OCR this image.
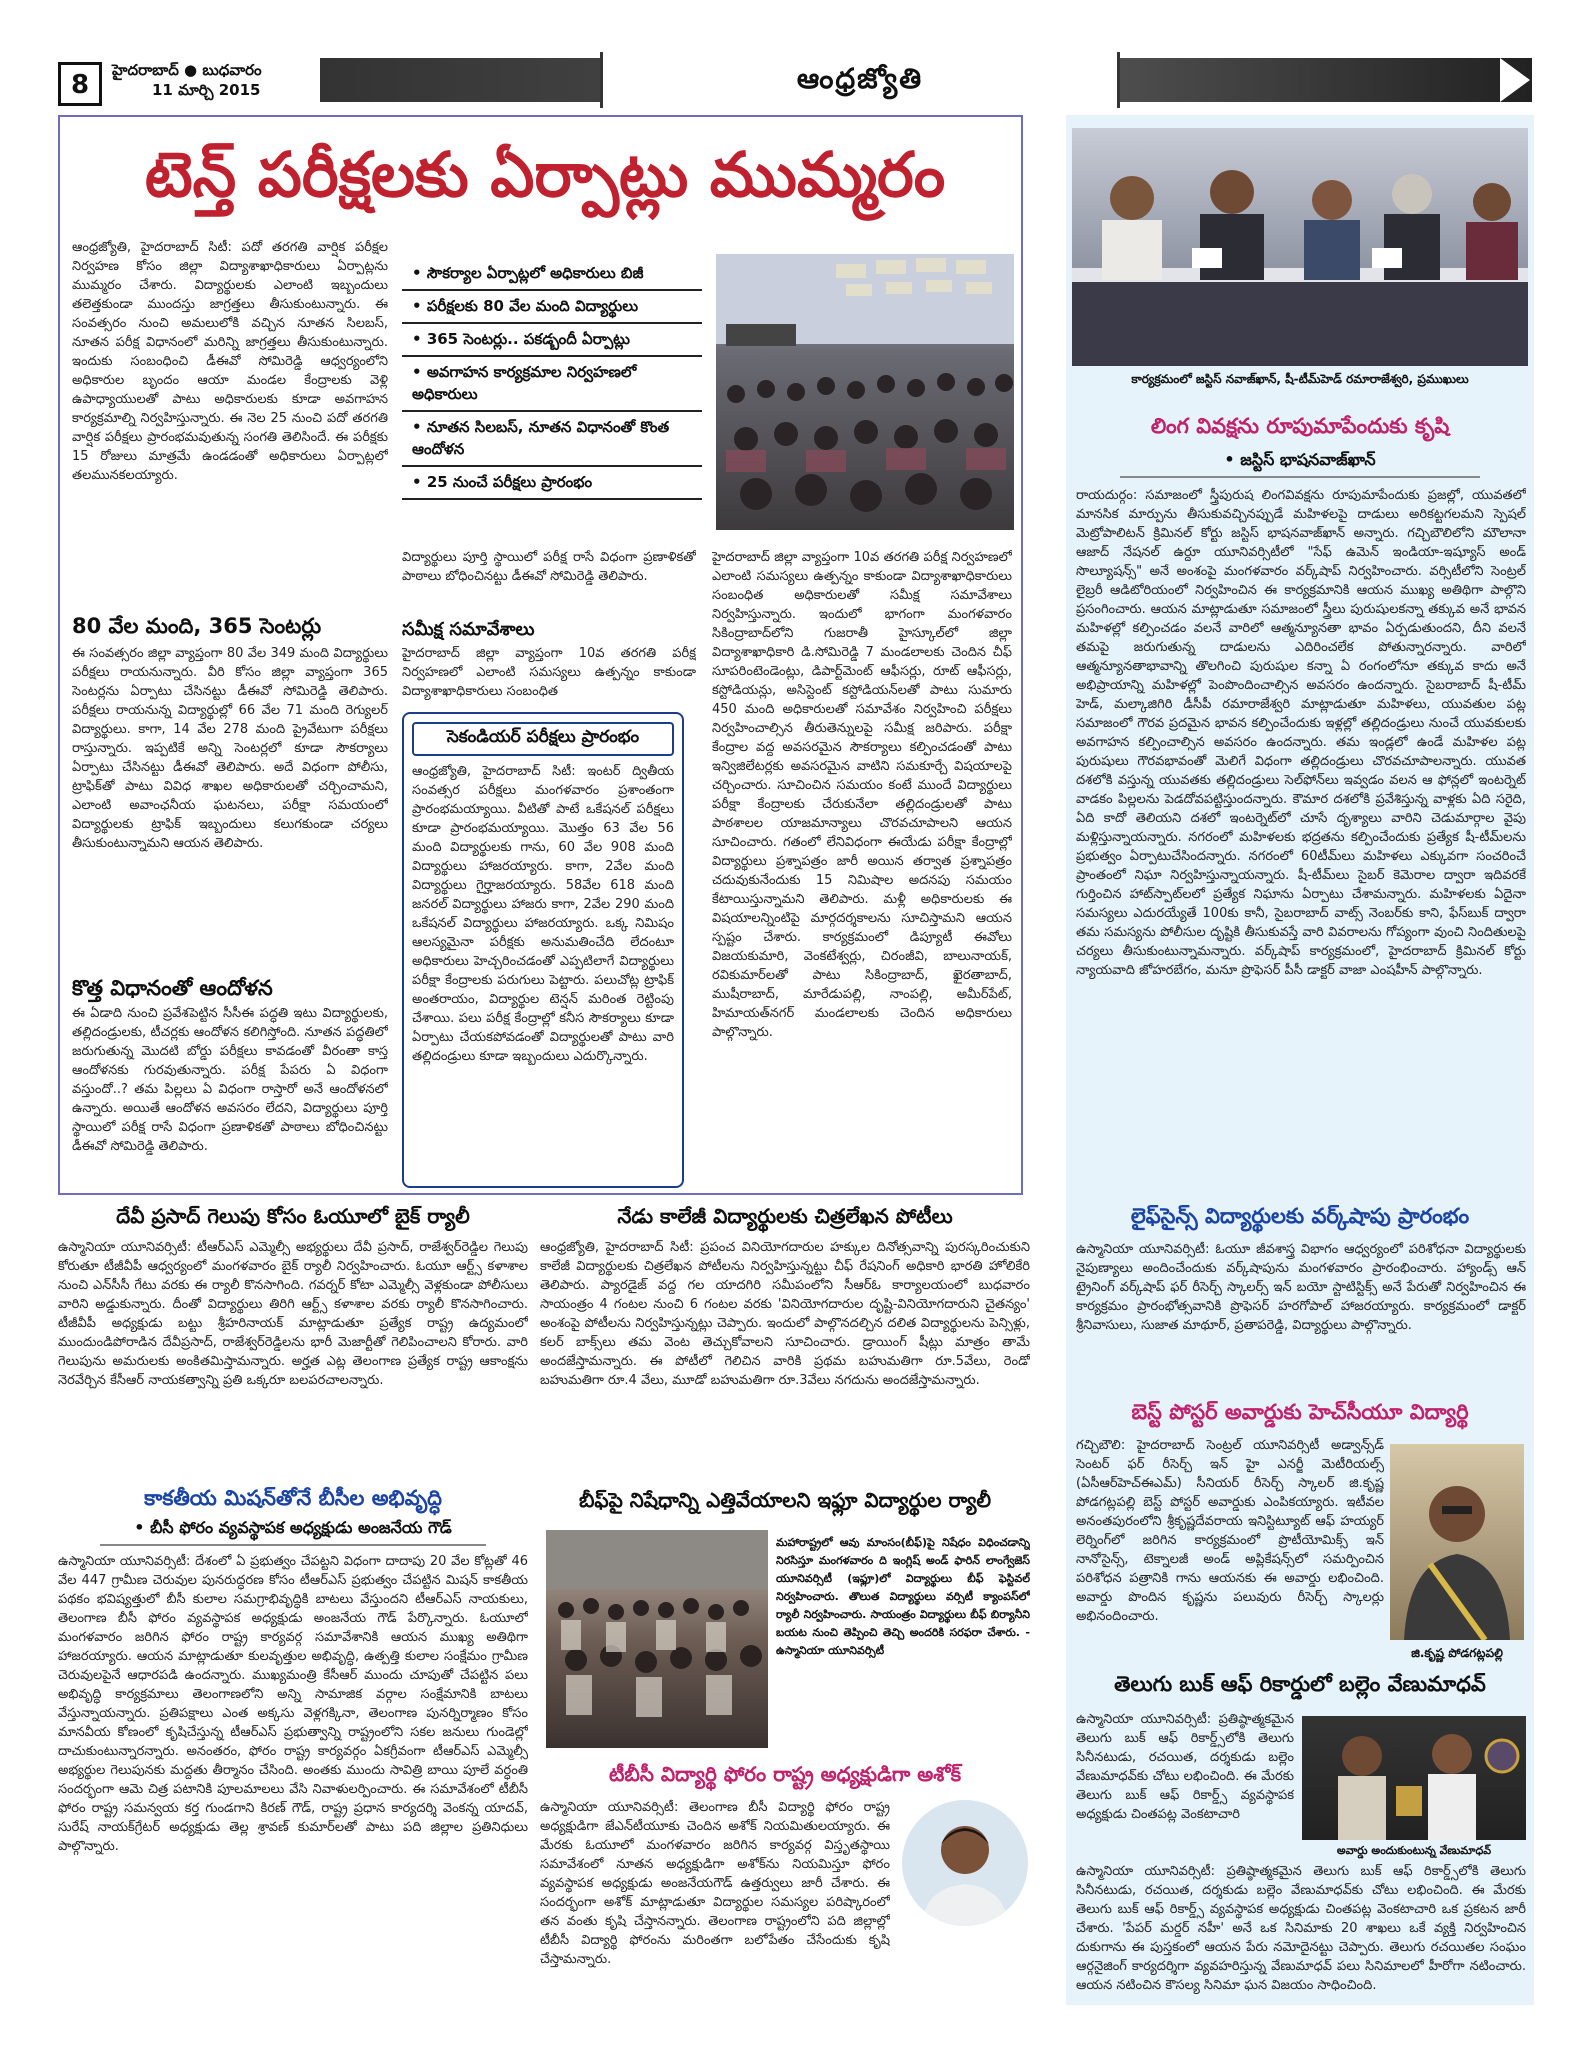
8	హైదరాబాద్ ● బుధవారం
11 మార్చి 2015	ఆంధ్రజ్యోతి
టెన్త్ పరీక్షలకు ఏర్పాట్లు ముమ్మరం
ఆంధ్రజ్యోతి, హైదరాబాద్ సిటీ: పదో తరగతి వార్షిక పరీక్షల నిర్వహణ కోసం జిల్లా విద్యాశాఖాధికారులు ఏర్పాట్లను ముమ్మరం చేశారు. విద్యార్థులకు ఎలాంటి ఇబ్బందులు తలెత్తకుండా ముందస్తు జాగ్రత్తలు తీసుకుంటున్నారు. ఈ సంవత్సరం నుంచి అమలులోకి వచ్చిన నూతన సిలబస్, నూతన పరీక్ష విధానంలో మరిన్ని జాగ్రత్తలు తీసుకుంటున్నారు. ఇందుకు సంబంధించి డీఈవో సోమిరెడ్డి ఆధ్వర్యంలోని అధికారుల బృందం ఆయా మండల కేంద్రాలకు వెళ్లి ఉపాధ్యాయులతో పాటు అధికారులకు కూడా అవగాహన కార్యక్రమాల్ని నిర్వహిస్తున్నారు. ఈ నెల 25 నుంచి పదో తరగతి వార్షిక పరీక్షలు ప్రారంభమవుతున్న సంగతి తెలిసిందే. ఈ పరీక్షకు 15 రోజులు మాత్రమే ఉండడంతో అధికారులు ఏర్పాట్లలో తలమునకలయ్యారు.
80 వేల మంది, 365 సెంటర్లు
ఈ సంవత్సరం జిల్లా వ్యాప్తంగా 80 వేల 349 మంది విద్యార్థులు పరీక్షలు రాయనున్నారు. వీరి కోసం జిల్లా వ్యాప్తంగా 365 సెంటర్లను ఏర్పాటు చేసినట్టు డీఈవో సోమిరెడ్డి తెలిపారు. పరీక్షలు రాయనున్న విద్యార్థుల్లో 66 వేల 71 మంది రెగ్యులర్ విద్యార్థులు. కాగా, 14 వేల 278 మంది ప్రైవేటుగా పరీక్షలు రాస్తున్నారు. ఇప్పటికే అన్ని సెంటర్లలో కూడా సౌకర్యాలు ఏర్పాటు చేసినట్టు డీఈవో తెలిపారు. అదే విధంగా పోలీసు, ట్రాఫిక్‌తో పాటు వివిధ శాఖల అధికారులతో చర్చించామని, ఎలాంటి అవాంఛనీయ ఘటనలు, పరీక్షా సమయంలో విద్యార్థులకు ట్రాఫిక్ ఇబ్బందులు కలుగకుండా చర్యలు తీసుకుంటున్నామని ఆయన తెలిపారు.
కొత్త విధానంతో ఆందోళన
ఈ ఏడాది నుంచి ప్రవేశపెట్టిన సీసీఈ పద్ధతి ఇటు విద్యార్థులకు, తల్లిదండ్రులకు, టీచర్లకు ఆందోళన కలిగిస్తోంది. నూతన పద్ధతిలో జరుగుతున్న మొదటి బోర్డు పరీక్షలు కావడంతో వీరంతా కాస్త ఆందోళనకు గురవుతున్నారు. పరీక్ష పేపరు ఏ విధంగా వస్తుందో..? తమ పిల్లలు ఏ విధంగా రాస్తారో అనే ఆందోళనలో ఉన్నారు. అయితే ఆందోళన అవసరం లేదని, విద్యార్థులు పూర్తి స్థాయిలో పరీక్ష రాసే విధంగా ప్రణాళికతో పాఠాలు బోధించినట్టు డీఈవో సోమిరెడ్డి తెలిపారు.
• సౌకర్యాల ఏర్పాట్లలో అధికారులు బిజీ
• పరీక్షలకు 80 వేల మంది విద్యార్థులు
• 365 సెంటర్లు.. పకడ్బందీ ఏర్పాట్లు
• అవగాహన కార్యక్రమాల నిర్వహణలో అధికారులు
• నూతన సిలబస్, నూతన విధానంతో కొంత ఆందోళన
• 25 నుంచే పరీక్షలు ప్రారంభం
విద్యార్థులు పూర్తి స్థాయిలో పరీక్ష రాసే విధంగా ప్రణాళికతో పాఠాలు బోధించినట్టు డీఈవో సోమిరెడ్డి తెలిపారు.
సమీక్ష సమావేశాలు
హైదరాబాద్ జిల్లా వ్యాప్తంగా 10వ తరగతి పరీక్ష నిర్వహణలో ఎలాంటి సమస్యలు ఉత్పన్నం కాకుండా విద్యాశాఖాధికారులు సంబంధిత
సెకండియర్ పరీక్షలు ప్రారంభం
ఆంధ్రజ్యోతి, హైదరాబాద్ సిటీ: ఇంటర్ ద్వితీయ సంవత్సర పరీక్షలు మంగళవారం ప్రశాంతంగా ప్రారంభమయ్యాయి. వీటితో పాటే ఒకేషనల్ పరీక్షలు కూడా ప్రారంభమయ్యాయి. మొత్తం 63 వేల 56 మంది విద్యార్థులకు గాను, 60 వేల 908 మంది విద్యార్థులు హాజరయ్యారు. కాగా, 2వేల మంది విద్యార్థులు గైర్హాజరయ్యారు. 58వేల 618 మంది జనరల్ విద్యార్థులు హాజరు కాగా, 2వేల 290 మంది ఒకేషనల్ విద్యార్థులు హాజరయ్యారు. ఒక్క నిమిషం ఆలస్యమైనా పరీక్షకు అనుమతించేది లేదంటూ అధికారులు హెచ్చరించడంతో ఎప్పటిలాగే విద్యార్థులు పరీక్షా కేంద్రాలకు పరుగులు పెట్టారు. పలుచోట్ల ట్రాఫిక్ అంతరాయం, విద్యార్థుల టెన్షన్ మరింత రెట్టింపు చేశాయి. పలు పరీక్ష కేంద్రాల్లో కనీస సౌకర్యాలు కూడా ఏర్పాటు చేయకపోవడంతో విద్యార్థులతో పాటు వారి తల్లిదండ్రులు కూడా ఇబ్బందులు ఎదుర్కొన్నారు.
హైదరాబాద్ జిల్లా వ్యాప్తంగా 10వ తరగతి పరీక్ష నిర్వహణలో ఎలాంటి సమస్యలు ఉత్పన్నం కాకుండా విద్యాశాఖాధికారులు సంబంధిత అధికారులతో సమీక్ష సమావేశాలు నిర్వహిస్తున్నారు. ఇందులో భాగంగా మంగళవారం సికింద్రాబాద్‌లోని గుజరాతీ హైస్కూల్‌లో జిల్లా విద్యాశాఖాధికారి డి.సోమిరెడ్డి 7 మండలాలకు చెందిన చీఫ్ సూపరింటెండెంట్లు, డిపార్ట్‌మెంట్ ఆఫీసర్లు, రూట్ ఆఫీసర్లు, కస్టోడియన్లు, అసిస్టెంట్ కస్టోడియన్‌లతో పాటు సుమారు 450 మంది అధికారులతో సమావేశం నిర్వహించి పరీక్షలు నిర్వహించాల్సిన తీరుతెన్నులపై సమీక్ష జరిపారు. పరీక్షా కేంద్రాల వద్ద అవసరమైన సౌకర్యాలు కల్పించడంతో పాటు ఇన్విజిలేటర్లకు అవసరమైన వాటిని సమకూర్చే విషయాలపై చర్చించారు. సూచించిన సమయం కంటే ముందే విద్యార్థులు పరీక్షా కేంద్రాలకు చేరుకునేలా తల్లిదండ్రులతో పాటు పాఠశాలల యాజమాన్యాలు చొరవచూపాలని ఆయన సూచించారు. గతంలో లేనివిధంగా ఈయేడు పరీక్షా కేంద్రాల్లో విద్యార్థులు ప్రశ్నాపత్రం జారీ అయిన తర్వాత ప్రశ్నాపత్రం చదువుకునేందుకు 15 నిమిషాల అదనపు సమయం కేటాయిస్తున్నామని తెలిపారు. మళ్లీ అధికారులకు ఈ విషయాలన్నింటిపై మార్గదర్శకాలను సూచిస్తామని ఆయన స్పష్టం చేశారు. కార్యక్రమంలో డిప్యూటీ ఈవోలు విజయకుమారి, వెంకటేశ్వర్లు, చిరంజీవి, బాలునాయక్, రవికుమార్‌లతో పాటు సికింద్రాబాద్, ఖైరతాబాద్, ముషీరాబాద్, మారేడుపల్లి, నాంపల్లి, అమీర్‌పేట్, హిమాయత్‌నగర్ మండలాలకు చెందిన అధికారులు పాల్గొన్నారు.
దేవీ ప్రసాద్ గెలుపు కోసం ఓయూలో బైక్ ర్యాలీ
ఉస్మానియా యూనివర్సిటీ: టీఆర్ఎస్ ఎమ్మెల్సీ అభ్యర్థులు దేవీ ప్రసాద్, రాజేశ్వర్‌రెడ్డిల గెలుపు కోరుతూ టీజీవీపీ ఆధ్వర్యంలో మంగళవారం బైక్ ర్యాలీ నిర్వహించారు. ఓయూ ఆర్ట్స్ కళాశాల నుంచి ఎన్‌సీసీ గేటు వరకు ఈ ర్యాలీ కొనసాగింది. గవర్నర్ కోటా ఎమ్మెల్సీ వెళ్లకుండా పోలీసులు వారిని అడ్డుకున్నారు. దీంతో విద్యార్థులు తిరిగి ఆర్ట్స్ కళాశాల వరకు ర్యాలీ కొనసాగించారు. టీజీవీపీ అధ్యక్షుడు బట్టు శ్రీహరినాయక్ మాట్లాడుతూ ప్రత్యేక రాష్ట్ర ఉద్యమంలో ముందుండిపోరాడిన దేవీప్రసాద్, రాజేశ్వర్‌రెడ్డిలను భారీ మెజార్టీతో గెలిపించాలని కోరారు. వారి గెలుపును అమరులకు అంకితమిస్తామన్నారు. అర్హత ఎట్ల తెలంగాణ ప్రత్యేక రాష్ట్ర ఆకాంక్షను నెరవేర్చిన కేసీఆర్ నాయకత్వాన్ని ప్రతి ఒక్కరూ బలపరచాలన్నారు.
కాకతీయ మిషన్‌తోనే బీసీల అభివృద్ధి
• బీసీ ఫోరం వ్యవస్థాపక అధ్యక్షుడు అంజనేయ గౌడ్
ఉస్మానియా యూనివర్సిటీ: దేశంలో ఏ ప్రభుత్వం చేపట్టని విధంగా దాదాపు 20 వేల కోట్లతో 46 వేల 447 గ్రామీణ చెరువుల పునరుద్ధరణ కోసం టీఆర్ఎస్ ప్రభుత్వం చేపట్టిన మిషన్ కాకతీయ పథకం భవిష్యత్తులో బీసీ కులాల సమగ్రాభివృద్ధికి బాటలు వేస్తుందని టీఆర్ఎస్ నాయకులు, తెలంగాణ బీసీ ఫోరం వ్యవస్థాపక అధ్యక్షుడు అంజనేయ గౌడ్ పేర్కొన్నారు. ఓయూలో మంగళవారం జరిగిన ఫోరం రాష్ట్ర కార్యవర్గ సమావేశానికి ఆయన ముఖ్య అతిథిగా హాజరయ్యారు. ఆయన మాట్లాడుతూ కులవృత్తుల అభివృద్ధి, ఉత్పత్తి కులాల సంక్షేమం గ్రామీణ చెరువులపైనే ఆధారపడి ఉందన్నారు. ముఖ్యమంత్రి కేసీఆర్ ముందు చూపుతో చేపట్టిన పలు అభివృద్ధి కార్యక్రమాలు తెలంగాణలోని అన్ని సామాజిక వర్గాల సంక్షేమానికి బాటలు వేస్తున్నాయన్నారు. ప్రతిపక్షాలు ఎంత అక్కసు వెళ్లగక్కినా, తెలంగాణ పునర్నిర్మాణం కోసం మానవీయ కోణంలో కృషిచేస్తున్న టీఆర్ఎస్ ప్రభుత్వాన్ని రాష్ట్రంలోని సకల జనులు గుండెల్లో దాచుకుంటున్నారన్నారు. అనంతరం, ఫోరం రాష్ట్ర కార్యవర్గం ఏకగ్రీవంగా టీఆర్ఎస్ ఎమ్మెల్సీ అభ్యర్థుల గెలుపునకు మద్దతు తీర్మానం చేసింది. అంతకు ముందు సావిత్రి బాయి పూలే వర్ధంతి సందర్భంగా ఆమె చిత్ర పటానికి పూలమాలలు వేసి నివాళులర్పించారు. ఈ సమావేశంలో టీబీసీ ఫోరం రాష్ట్ర సమన్వయ కర్త గుండగాని కిరణ్ గౌడ్, రాష్ట్ర ప్రధాన కార్యదర్శి వెంకన్న యాదవ్, సురేష్ నాయక్‌గ్రేటర్ అధ్యక్షుడు తెల్ల శ్రావణ్ కుమార్‌లతో పాటు పది జిల్లాల ప్రతినిధులు పాల్గొన్నారు.
నేడు కాలేజీ విద్యార్థులకు చిత్రలేఖన పోటీలు
ఆంధ్రజ్యోతి, హైదరాబాద్ సిటీ: ప్రపంచ వినియోగదారుల హక్కుల దినోత్సవాన్ని పురస్కరించుకుని కాలేజీ విద్యార్థులకు చిత్రలేఖన పోటీలను నిర్వహిస్తున్నట్టు చీఫ్ రేషనింగ్ అధికారి భారతి హోలికేరి తెలిపారు. ప్యారడైజ్ వద్ద గల యాదగిరి సమీపంలోని సీఆర్ఓ కార్యాలయంలో బుధవారం సాయంత్రం 4 గంటల నుంచి 6 గంటల వరకు 'వినియోగదారుల దృష్టి-వినియోగదారుని చైతన్యం' అంశంపై పోటీలను నిర్వహిస్తున్నట్లు చెప్పారు. ఇందులో పాల్గొనదల్చిన దలిత విద్యార్థులను పెన్సిళ్లు, కలర్ బాక్స్‌లు తమ వెంట తెచ్చుకోవాలని సూచించారు. డ్రాయింగ్ షీట్లు మాత్రం తామే అందజేస్తామన్నారు. ఈ పోటీలో గెలిచిన వారికి ప్రథమ బహుమతిగా రూ.5వేలు, రెండో బహుమతిగా రూ.4 వేలు, మూడో బహుమతిగా రూ.3వేలు నగదును అందజేస్తామన్నారు.
బీఫ్‌పై నిషేధాన్ని ఎత్తివేయాలని ఇఫ్లూ విద్యార్థుల ర్యాలీ
మహారాష్ట్రలో ఆవు మాంసం(బీఫ్)పై నిషేధం విధించడాన్ని నిరసిస్తూ మంగళవారం ది ఇంగ్లిష్ అండ్ ఫారిన్ లాంగ్వేజెస్ యూనివర్సిటీ (ఇఫ్లూ)లో విద్యార్థులు బీఫ్ ఫెస్టివల్ నిర్వహించారు. తొలుత విద్యార్థులు వర్సిటీ క్యాంపస్‌లో ర్యాలీ నిర్వహించారు. సాయంత్రం విద్యార్థులు బీఫ్ బిర్యానీని బయట నుంచి తెప్పించి తెచ్చి అందరికి సరఫరా చేశారు. - ఉస్మానియా యూనివర్సిటీ
టీబీసీ విద్యార్థి ఫోరం రాష్ట్ర అధ్యక్షుడిగా అశోక్
ఉస్మానియా యూనివర్సిటీ: తెలంగాణ బీసీ విద్యార్థి ఫోరం రాష్ట్ర అధ్యక్షుడిగా జేఎన్‌టీయూకు చెందిన అశోక్ నియమితులయ్యారు. ఈ మేరకు ఓయూలో మంగళవారం జరిగిన కార్యవర్గ విస్తృతస్థాయి సమావేశంలో నూతన అధ్యక్షుడిగా అశోక్‌ను నియమిస్తూ ఫోరం వ్యవస్థాపక అధ్యక్షుడు అంజనేయగౌడ్ ఉత్తర్వులు జారీ చేశారు. ఈ సందర్భంగా అశోక్ మాట్లాడుతూ విద్యార్థుల సమస్యల పరిష్కారంలో తన వంతు కృషి చేస్తానన్నారు. తెలంగాణ రాష్ట్రంలోని పది జిల్లాల్లో టీబీసీ విద్యార్థి ఫోరంను మరింతగా బలోపేతం చేసేందుకు కృషి చేస్తామన్నారు.
కార్యక్రమంలో జస్టిస్ నవాజ్‌ఖాన్, షీ-టీమ్‌హెడ్ రమారాజేశ్వరి, ప్రముఖులు
లింగ వివక్షను రూపుమాపేందుకు కృషి
• జస్టిస్ భాషనవాజ్‌ఖాన్
రాయదుర్గం: సమాజంలో స్త్రీపురుష లింగవివక్షను రూపుమాపేందుకు ప్రజల్లో, యువతలో మానసిక మార్పును తీసుకువచ్చినప్పుడే మహిళలపై దాడులు అరికట్టగలమని స్పెషల్ మెట్రోపాలిటన్ క్రిమినల్ కోర్టు జస్టిస్ భాషనవాజ్‌ఖాన్ అన్నారు. గచ్చిబౌలిలోని మౌలానా ఆజాద్ నేషనల్ ఉర్దూ యూనివర్సిటీలో "సేఫ్ ఉమెన్ ఇండియా-ఇష్యూస్ అండ్ సొల్యూషన్స్" అనే అంశంపై మంగళవారం వర్క్‌షాప్ నిర్వహించారు. వర్సిటీలోని సెంట్రల్ లైబ్రరీ ఆడిటోరియంలో నిర్వహించిన ఈ కార్యక్రమానికి ఆయన ముఖ్య అతిథిగా పాల్గొని ప్రసంగించారు. ఆయన మాట్లాడుతూ సమాజంలో స్త్రీలు పురుషులకన్నా తక్కువ అనే భావన మహిళల్లో కల్పించడం వలనే వారిలో ఆత్మన్యూనతా భావం ఏర్పడుతుందని, దీని వలనే తమపై జరుగుతున్న దాడులను ఎదిరించలేక పోతున్నారన్నారు. వారిలో ఆత్మన్యూనతాభావాన్ని తొలగించి పురుషుల కన్నా ఏ రంగంలోనూ తక్కువ కాదు అనే అభిప్రాయాన్ని మహిళల్లో పెంపొందించాల్సిన అవసరం ఉందన్నారు. సైబరాబాద్ షీ-టీమ్ హెడ్, మల్కాజిగిరి డీసీపీ రమారాజేశ్వరి మాట్లాడుతూ మహిళలు, యువతుల పట్ల సమాజంలో గౌరవ ప్రదమైన భావన కల్పించేందుకు ఇళ్లల్లో తల్లిదండ్రులు నుంచే యువకులకు అవగాహన కల్పించాల్సిన అవసరం ఉందన్నారు. తమ ఇండ్లలో ఉండే మహిళల పట్ల పురుషులు గౌరవభావంతో మెలిగే విధంగా తల్లిదండ్రులు చొరవచూపాలన్నారు. యువత దశలోకి వస్తున్న యువతకు తల్లిదండ్రులు సెల్‌ఫోన్‌లు ఇవ్వడం వలన ఆ ఫోన్లలో ఇంటర్నెట్ వాడకం పిల్లలను పెడదోవపట్టిస్తుందన్నారు. కౌమార దశలోకి ప్రవేశిస్తున్న వాళ్లకు ఏది సరైది, ఏది కాదో తెలియని దశలో ఇంటర్నెట్‌లో చూసే దృశ్యాలు వారిని చెడుమార్గాల వైపు మళ్లిస్తున్నాయన్నారు. నగరంలో మహిళలకు భద్రతను కల్పించేందుకు ప్రత్యేక షీ-టీమ్‌లను ప్రభుత్వం ఏర్పాటుచేసిందన్నారు. నగరంలో 60టీమ్‌లు మహిళలు ఎక్కువగా సంచరించే ప్రాంతంలో నిఘా నిర్వహిస్తున్నాయన్నారు. షీ-టీమ్‌లు సైబర్ కెమెరాల ద్వారా ఇదివరకే గుర్తించిన హాట్‌స్పాట్‌లలో ప్రత్యేక నిఘాను ఏర్పాటు చేశామన్నారు. మహిళలకు ఏదైనా సమస్యలు ఎదురయ్యేతే 100కు కానీ, సైబరాబాద్ వాట్స్ నెంబర్‌కు కాని, ఫేస్‌బుక్ ద్వారా తమ సమస్యను పోలీసుల దృష్టికి తీసుకువస్తే వారి వివరాలను గోప్యంగా వుంచి నిందితులపై చర్యలు తీసుకుంటున్నామన్నారు. వర్క్‌షాప్ కార్యక్రమంలో, హైదరాబాద్ క్రిమినల్ కోర్టు న్యాయవాది జోహరబేగం, మనూ ప్రొఫెసర్ పీసీ డాక్టర్ వాజా ఎంషహీన్ పాల్గొన్నారు.
లైఫ్‌సైన్స్ విద్యార్థులకు వర్క్‌షాపు ప్రారంభం
ఉస్మానియా యూనివర్సిటీ: ఓయూ జీవశాస్త్ర విభాగం ఆధ్వర్యంలో పరిశోధనా విద్యార్థులకు నైపుణ్యాలు అందించేందుకు వర్క్‌షాపును మంగళవారం ప్రారంభించారు. హ్యాండ్స్ ఆన్ ట్రైనింగ్ వర్క్‌షాప్ ఫర్ రీసెర్చ్ స్కాలర్స్ ఇన్ బయో స్టాటిస్టిక్స్ అనే పేరుతో నిర్వహించిన ఈ కార్యక్రమం ప్రారంభోత్సవానికి ప్రొఫెసర్ హరగోపాల్ హాజరయ్యారు. కార్యక్రమంలో డాక్టర్ శ్రీనివాసులు, సుజాత మాథూర్, ప్రతాపరెడ్డి, విద్యార్థులు పాల్గొన్నారు.
బెస్ట్ పోస్టర్ అవార్డుకు హెచ్‌సీయూ విద్యార్థి
గచ్చిబౌలి: హైదరాబాద్ సెంట్రల్ యూనివర్సిటీ అడ్వాన్స్‌డ్ సెంటర్ ఫర్ రీసెర్చ్ ఇన్ హై ఎనర్జీ మెటీరియల్స్ (ఏసీఆర్‌హెచ్ఈఎమ్) సీనియర్ రీసెర్చ్ స్కాలర్ జి.కృష్ణ పోడగట్లపల్లి బెస్ట్ పోస్టర్ అవార్డుకు ఎంపికయ్యారు. ఇటీవల అనంతపురంలోని శ్రీకృష్ణదేవరాయ ఇనిస్టిట్యూట్ ఆఫ్ హయ్యర్ లెర్నింగ్‌లో జరిగిన కార్యక్రమంలో ప్రొటీయోమిక్స్ ఇన్ నానోసైన్స్, టెక్నాలజీ అండ్ అప్లికేషన్స్‌లో సమర్పించిన పరిశోధన పత్రానికి గాను ఆయనకు ఈ అవార్డు లభించింది. అవార్డు పొందిన కృష్ణను పలువురు రీసెర్చ్ స్కాలర్లు అభినందించారు.
జి.కృష్ణ పోడగట్లపల్లి
తెలుగు బుక్ ఆఫ్ రికార్డులో బల్లెం వేణుమాధవ్
ఉస్మానియా యూనివర్సిటీ: ప్రతిష్ఠాత్మకమైన తెలుగు బుక్ ఆఫ్ రికార్డ్స్‌లోకి తెలుగు సినీనటుడు, రచయిత, దర్శకుడు బల్లెం వేణుమాధవ్‌కు చోటు లభించింది. ఈ మేరకు తెలుగు బుక్ ఆఫ్ రికార్డ్స్ వ్యవస్థాపక అధ్యక్షుడు చింతపట్ల వెంకటాచారి
అవార్డు అందుకుంటున్న వేణుమాధవ్
ఉస్మానియా యూనివర్సిటీ: ప్రతిష్ఠాత్మకమైన తెలుగు బుక్ ఆఫ్ రికార్డ్స్‌లోకి తెలుగు సినీనటుడు, రచయిత, దర్శకుడు బల్లెం వేణుమాధవ్‌కు చోటు లభించింది. ఈ మేరకు తెలుగు బుక్ ఆఫ్ రికార్డ్స్ వ్యవస్థాపక అధ్యక్షుడు చింతపట్ల వెంకటాచారి ఒక ప్రకటన జారీ చేశారు. 'పేపర్ మర్డర్ నహీ' అనే ఒక సినిమాకు 20 శాఖలు ఒకే వ్యక్తి నిర్వహించిన దుకుగాను ఈ పుస్తకంలో ఆయన పేరు నమోదైనట్టు చెప్పారు. తెలుగు రచయితల సంఘం ఆర్గనైజింగ్ కార్యదర్శిగా వ్యవహరిస్తున్న వేణుమాధవ్ పలు సినిమాలలో హీరోగా నటించారు. ఆయన నటించిన కౌసల్య సినిమా ఘన విజయం సాధించింది.
